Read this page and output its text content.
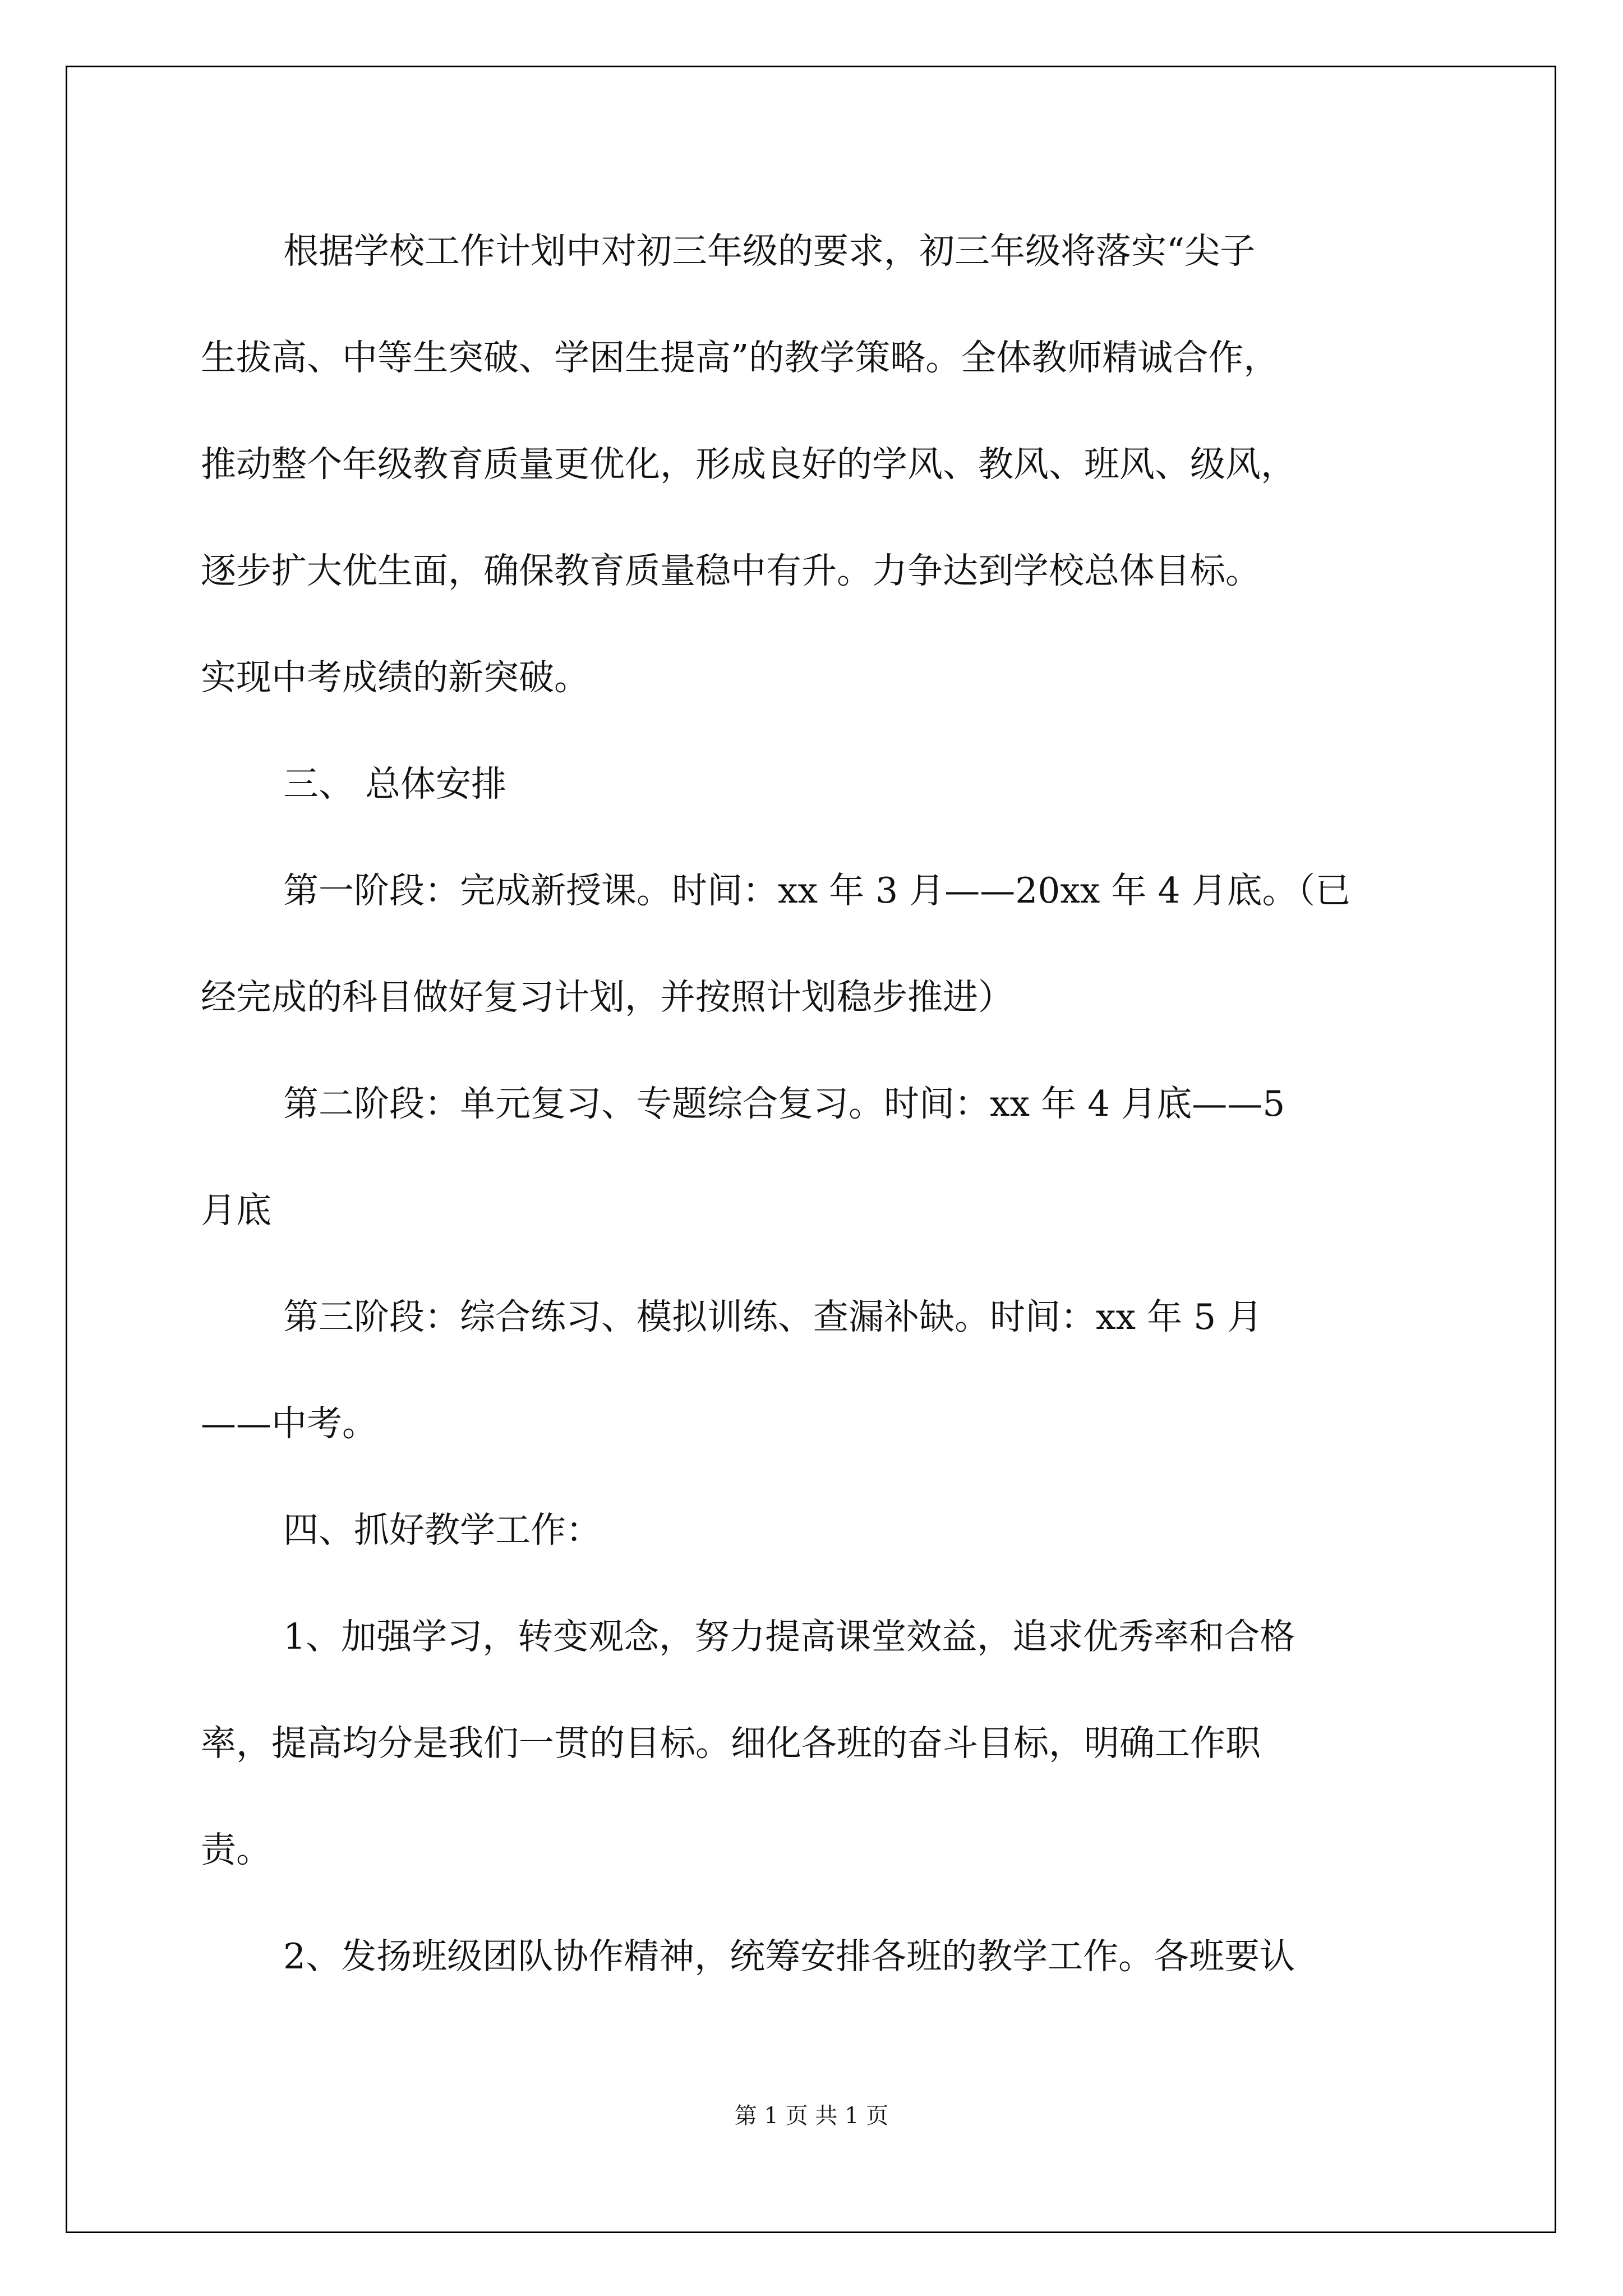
根据学校工作计划中对初三年级的要求，初三年级将落实“尖子
生拔高、中等生突破、学困生提高”的教学策略。全体教师精诚合作，
推动整个年级教育质量更优化，形成良好的学风、教风、班风、级风，
逐步扩大优生面，确保教育质量稳中有升。力争达到学校总体目标。
实现中考成绩的新突破。
三、 总体安排
第一阶段：完成新授课。时间：xx 年 3 月——20xx 年 4 月底。（已
经完成的科目做好复习计划，并按照计划稳步推进）
第二阶段：单元复习、专题综合复习。时间：xx 年 4 月底——5
月底
第三阶段：综合练习、模拟训练、查漏补缺。时间：xx 年 5 月
——中考。
四、抓好教学工作：
1、加强学习，转变观念，努力提高课堂效益，追求优秀率和合格
率，提高均分是我们一贯的目标。细化各班的奋斗目标，明确工作职
责。
2、发扬班级团队协作精神，统筹安排各班的教学工作。各班要认
第 1 页 共 1 页
